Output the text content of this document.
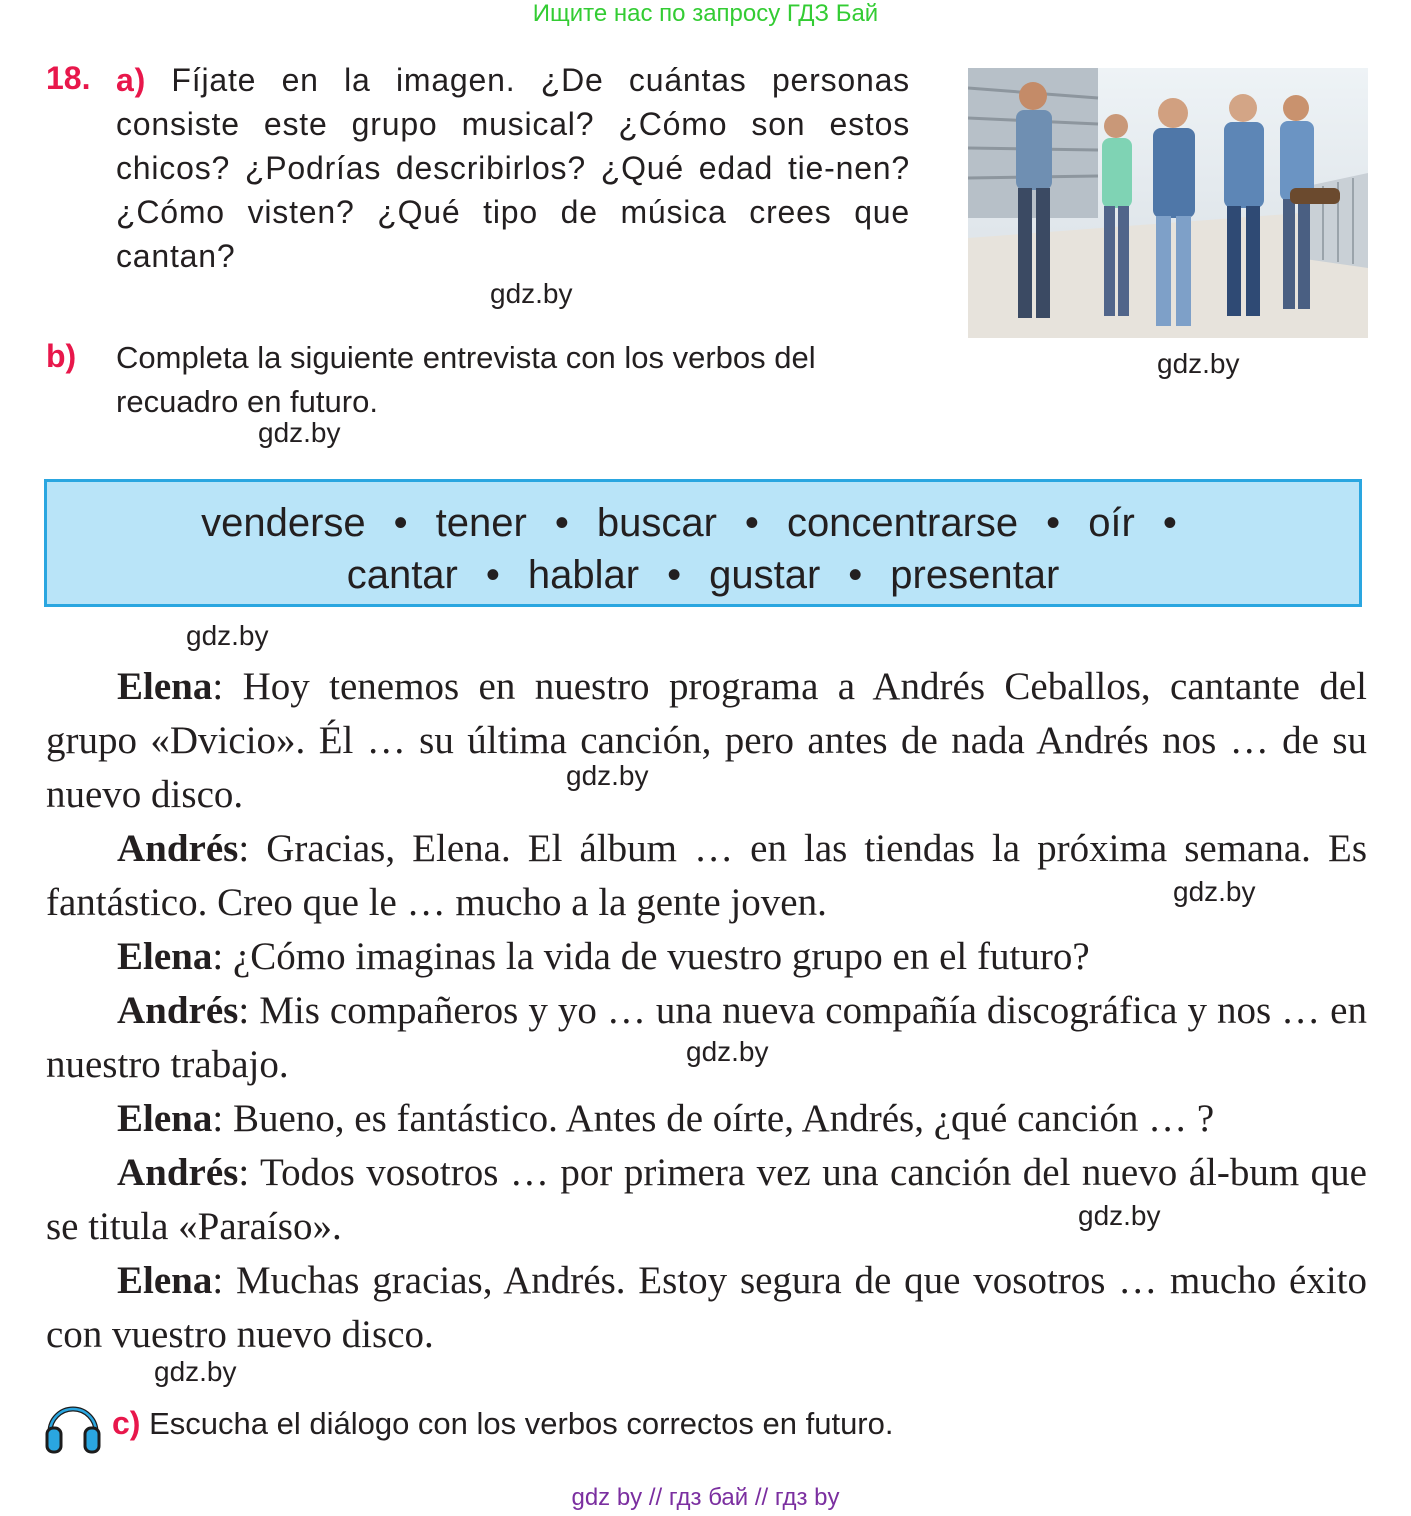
Ищите нас по запросу ГДЗ Бай
18. a) Fíjate en la imagen. ¿De cuántas personas consiste este grupo musical? ¿Cómo son estos chicos? ¿Podrías describirlos? ¿Qué edad tie-nen? ¿Cómo visten? ¿Qué tipo de música crees que cantan?
gdz.by
gdz.by
b) Completa la siguiente entrevista con los verbos del recuadro en futuro.
gdz.by
venderse • tener • buscar • concentrarse • oír •
cantar • hablar • gustar • presentar
gdz.by

Elena: Hoy tenemos en nuestro programa a Andrés Ceballos, cantante del grupo «Dvicio». Él … su última canción, pero antes de nada Andrés nos … de su nuevo disco.

Andrés: Gracias, Elena. El álbum … en las tiendas la próxima semana. Es fantástico. Creo que le … mucho a la gente joven.

Elena: ¿Cómo imaginas la vida de vuestro grupo en el futuro?

Andrés: Mis compañeros y yo … una nueva compañía discográfica y nos … en nuestro trabajo.

Elena: Bueno, es fantástico. Antes de oírte, Andrés, ¿qué canción … ?

Andrés: Todos vosotros … por primera vez una canción del nuevo ál-bum que se titula «Paraíso».

Elena: Muchas gracias, Andrés. Estoy segura de que vosotros … mucho éxito con vuestro nuevo disco.

gdz.by
gdz.by
gdz.by
gdz.by
gdz.by
c) Escucha el diálogo con los verbos correctos en futuro.
gdz by // гдз бай // гдз by
